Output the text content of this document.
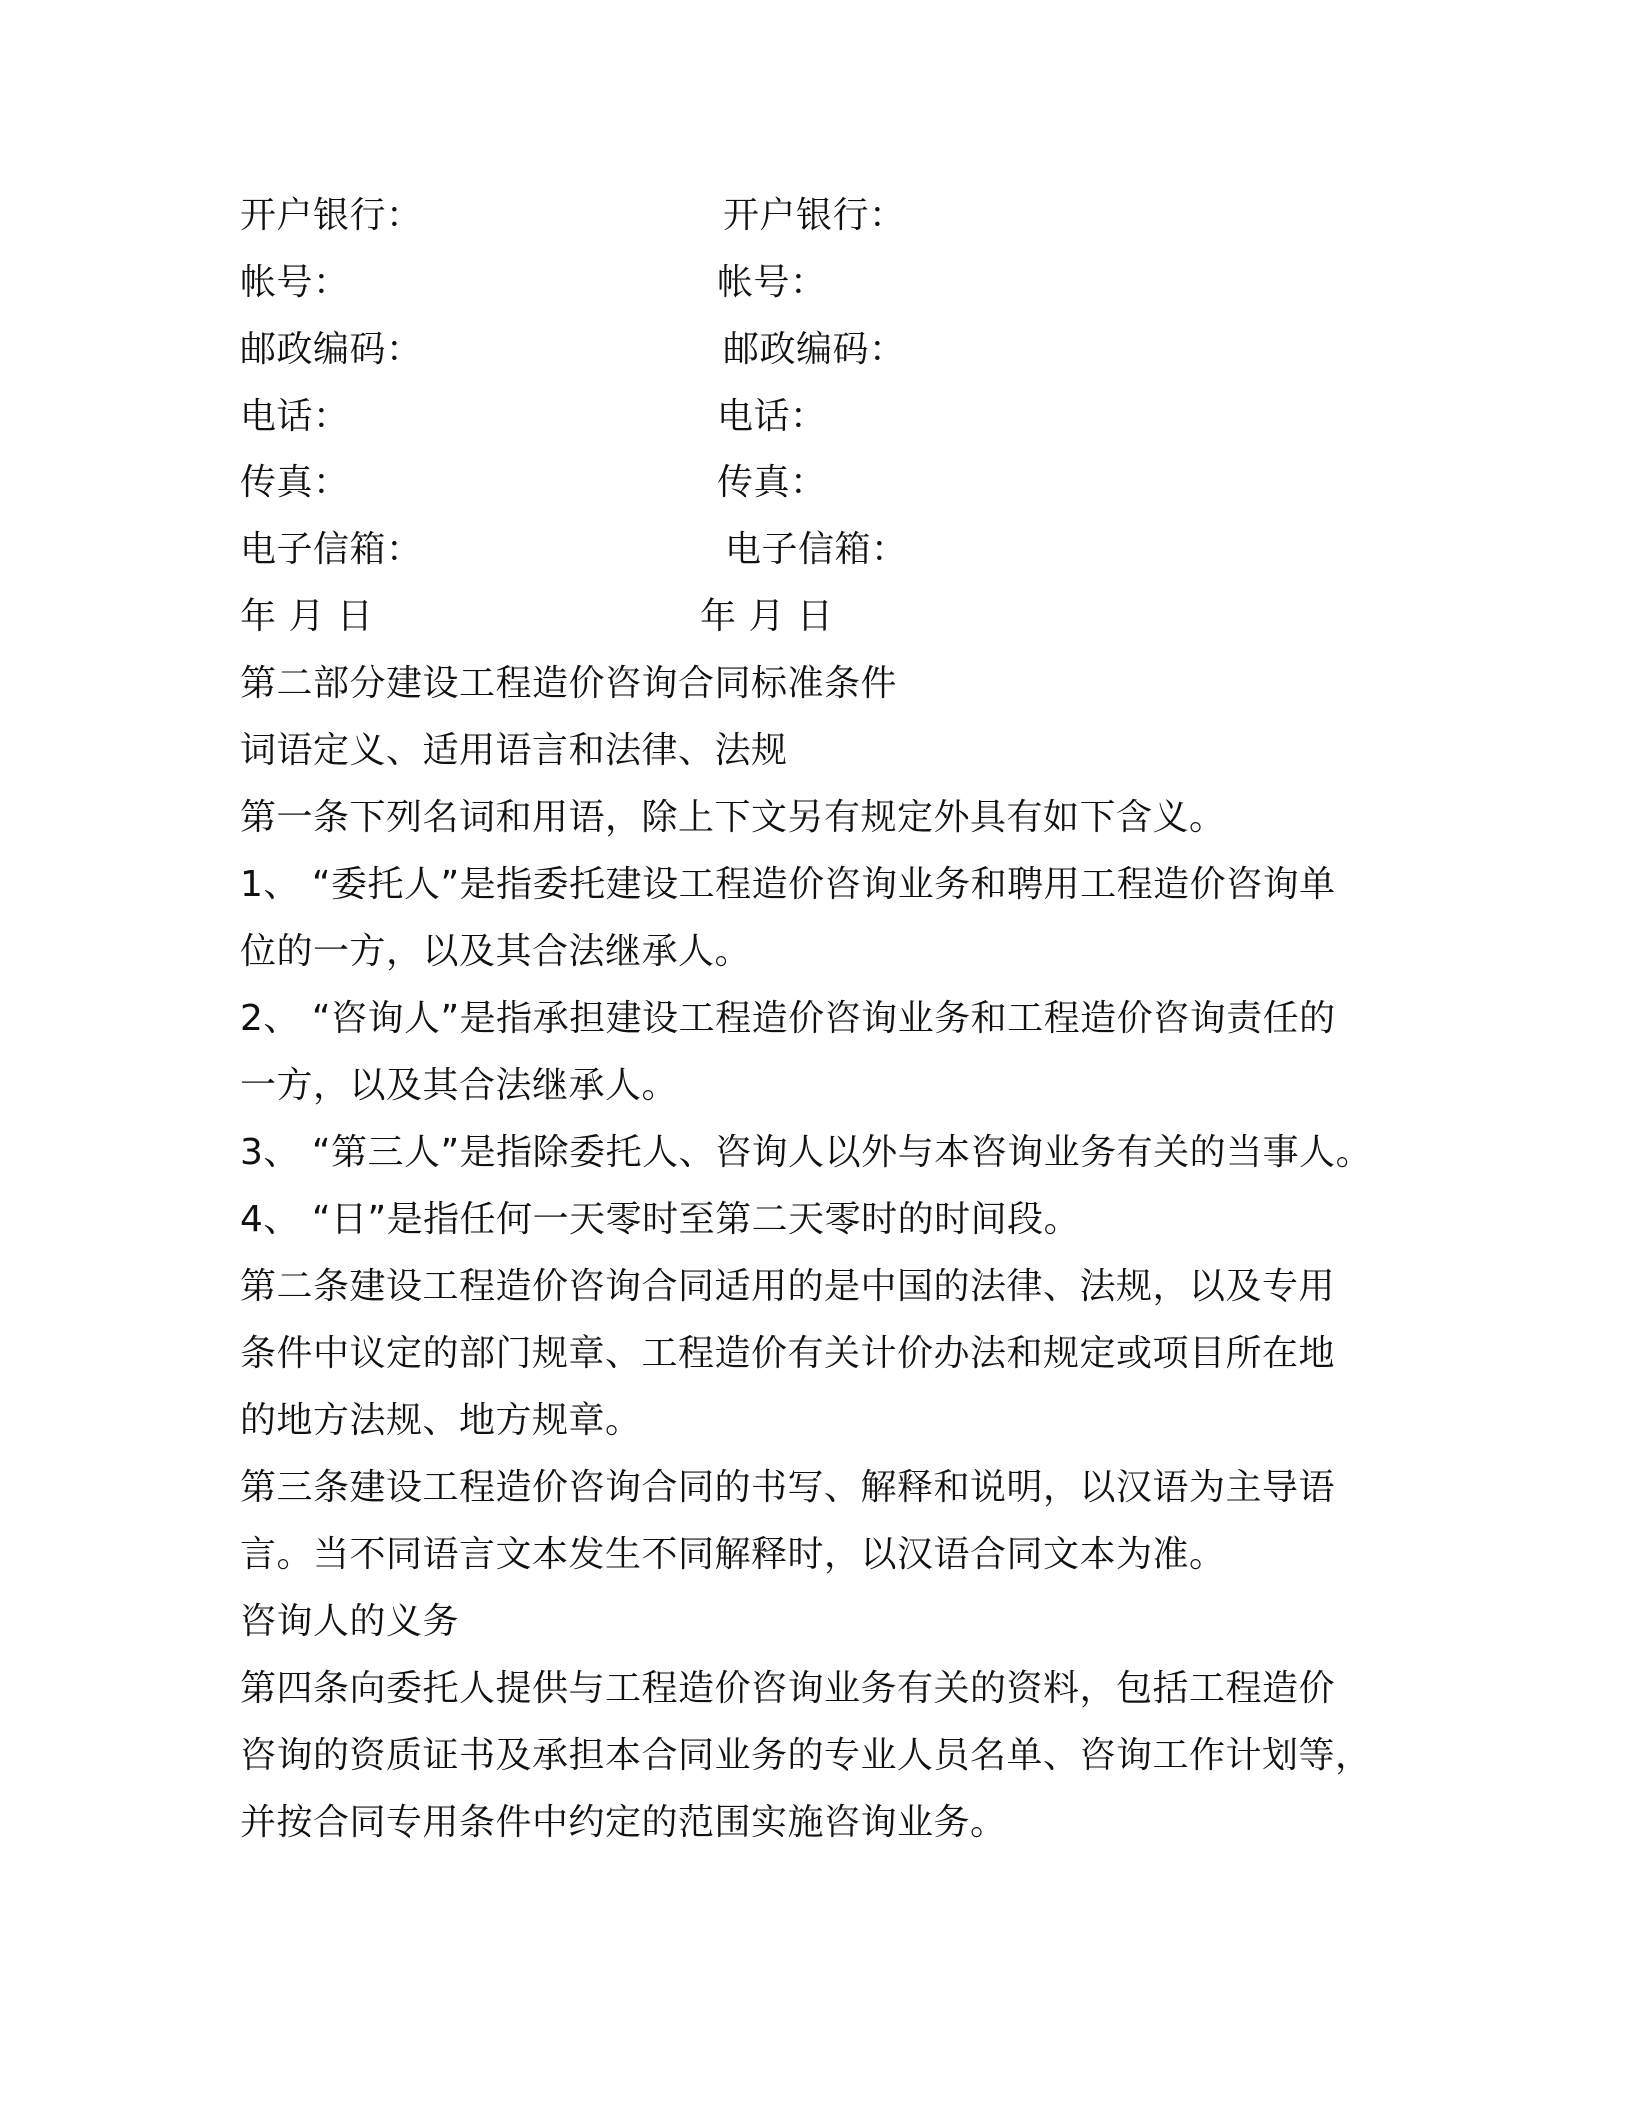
开户银行：	开户银行：
帐号：	帐号：
邮政编码：	邮政编码：
电话：	电话：
传真：	传真：
电子信箱：	电子信箱：
年 月 日	年 月 日
第二部分建设工程造价咨询合同标准条件
词语定义、适用语言和法律、法规
第一条下列名词和用语，除上下文另有规定外具有如下含义。
1、 “委托人”是指委托建设工程造价咨询业务和聘用工程造价咨询单
位的一方，以及其合法继承人。
2、 “咨询人”是指承担建设工程造价咨询业务和工程造价咨询责任的
一方，以及其合法继承人。
3、 “第三人”是指除委托人、咨询人以外与本咨询业务有关的当事人。
4、 “日”是指任何一天零时至第二天零时的时间段。
第二条建设工程造价咨询合同适用的是中国的法律、法规，以及专用
条件中议定的部门规章、工程造价有关计价办法和规定或项目所在地
的地方法规、地方规章。
第三条建设工程造价咨询合同的书写、解释和说明，以汉语为主导语
言。当不同语言文本发生不同解释时，以汉语合同文本为准。
咨询人的义务
第四条向委托人提供与工程造价咨询业务有关的资料，包括工程造价
咨询的资质证书及承担本合同业务的专业人员名单、咨询工作计划等，
并按合同专用条件中约定的范围实施咨询业务。
